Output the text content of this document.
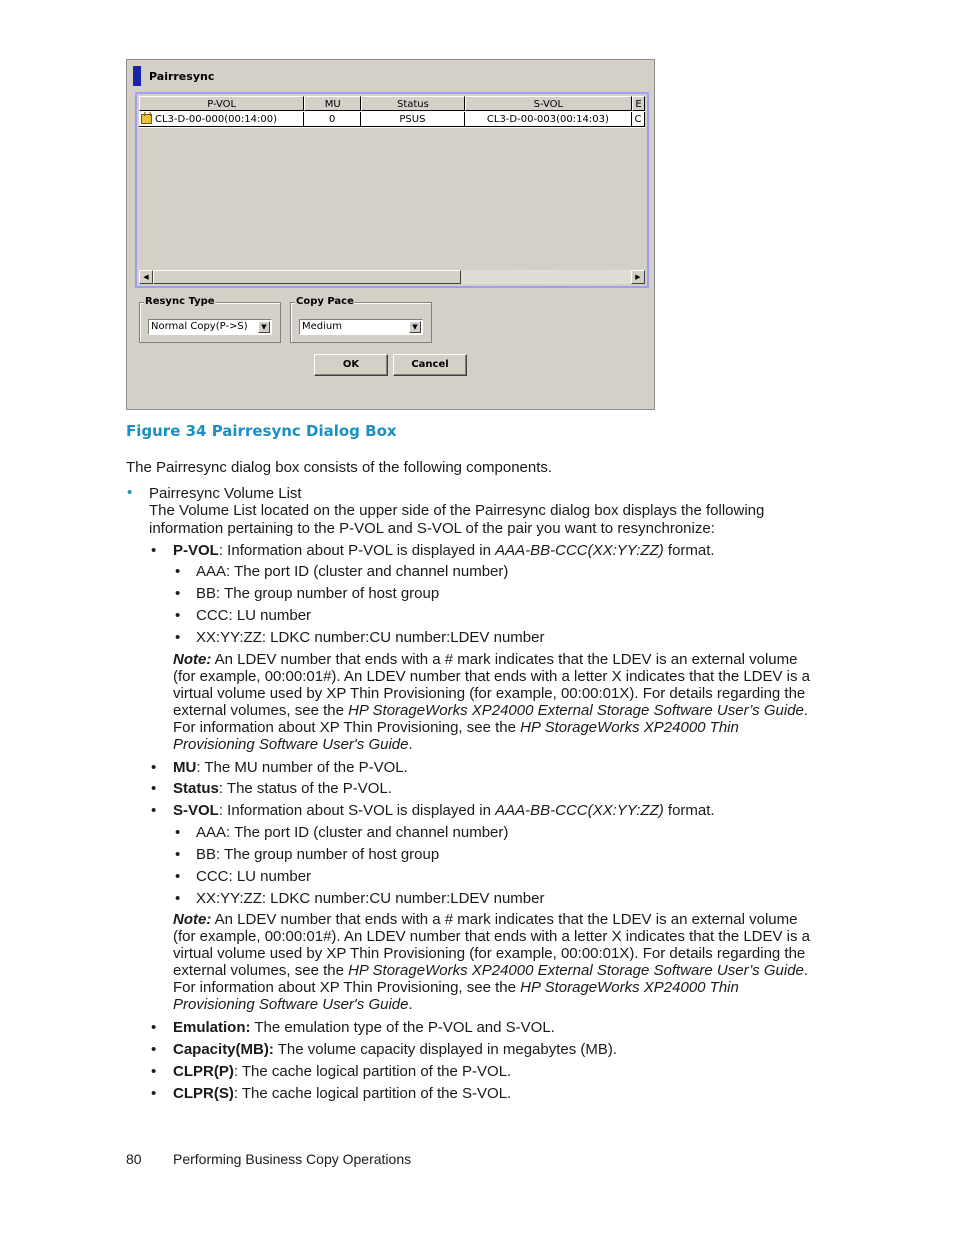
Pairresync
P-VOL	MU	Status	S-VOL	E
CL3-D-00-000(00:14:00)	0	PSUS	CL3-D-00-003(00:14:03)	C
◀	▶
Resync Type
Normal Copy(P->S)	▼
Copy Pace
Medium	▼
OK	Cancel
Figure 34 Pairresync Dialog Box
The Pairresync dialog box consists of the following components.
• Pairresync Volume List
The Volume List located on the upper side of the Pairresync dialog box displays the following
information pertaining to the P-VOL and S-VOL of the pair you want to resynchronize:
• P-VOL: Information about P-VOL is displayed in AAA-BB-CCC(XX:YY:ZZ) format.
• AAA: The port ID (cluster and channel number)
• BB: The group number of host group
• CCC: LU number
• XX:YY:ZZ: LDKC number:CU number:LDEV number
Note: An LDEV number that ends with a # mark indicates that the LDEV is an external volume (for example, 00:00:01#). An LDEV number that ends with a letter X indicates that the LDEV is a virtual volume used by XP Thin Provisioning (for example, 00:00:01X). For details regarding the external volumes, see the HP StorageWorks XP24000 External Storage Software User’s Guide. For information about XP Thin Provisioning, see the HP StorageWorks XP24000 Thin Provisioning Software User's Guide.
• MU: The MU number of the P-VOL.
• Status: The status of the P-VOL.
• S-VOL: Information about S-VOL is displayed in AAA-BB-CCC(XX:YY:ZZ) format.
• AAA: The port ID (cluster and channel number)
• BB: The group number of host group
• CCC: LU number
• XX:YY:ZZ: LDKC number:CU number:LDEV number
Note: An LDEV number that ends with a # mark indicates that the LDEV is an external volume (for example, 00:00:01#). An LDEV number that ends with a letter X indicates that the LDEV is a virtual volume used by XP Thin Provisioning (for example, 00:00:01X). For details regarding the external volumes, see the HP StorageWorks XP24000 External Storage Software User’s Guide. For information about XP Thin Provisioning, see the HP StorageWorks XP24000 Thin Provisioning Software User's Guide.
• Emulation: The emulation type of the P-VOL and S-VOL.
• Capacity(MB): The volume capacity displayed in megabytes (MB).
• CLPR(P): The cache logical partition of the P-VOL.
• CLPR(S): The cache logical partition of the S-VOL.
80 Performing Business Copy Operations
